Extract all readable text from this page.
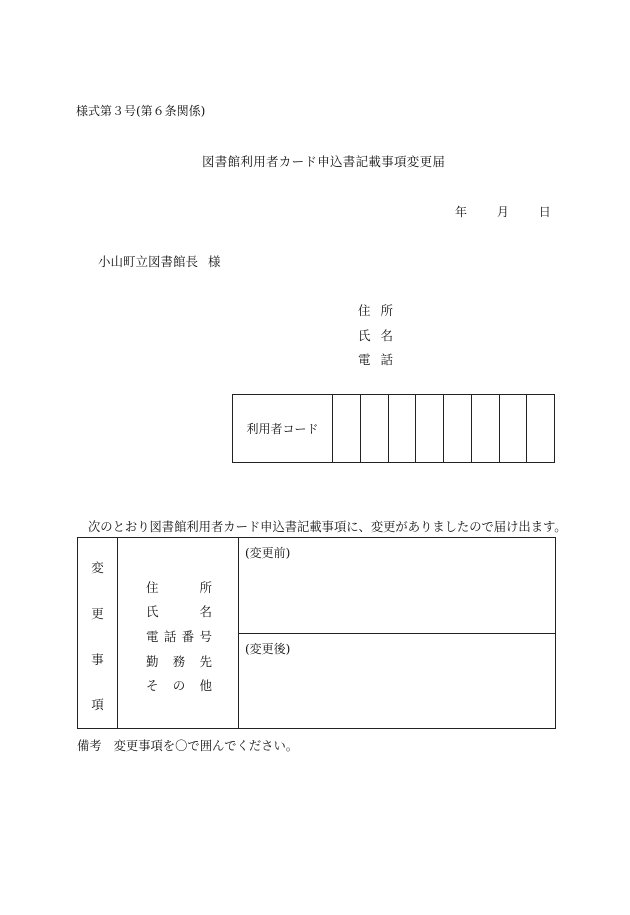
様式第３号(第６条関係)
図書館利用者カード申込書記載事項変更届
年 月 日
小山町立図書館長 様
住所
氏名
電話
利用者コード
次のとおり図書館利用者カード申込書記載事項に、変更がありましたので届け出ます。
変
更
事
項
住	所
氏	名
電 話 番 号
勤 務 先
そ の 他
(変更前)
(変更後)
備考 変更事項を〇で囲んでください。
